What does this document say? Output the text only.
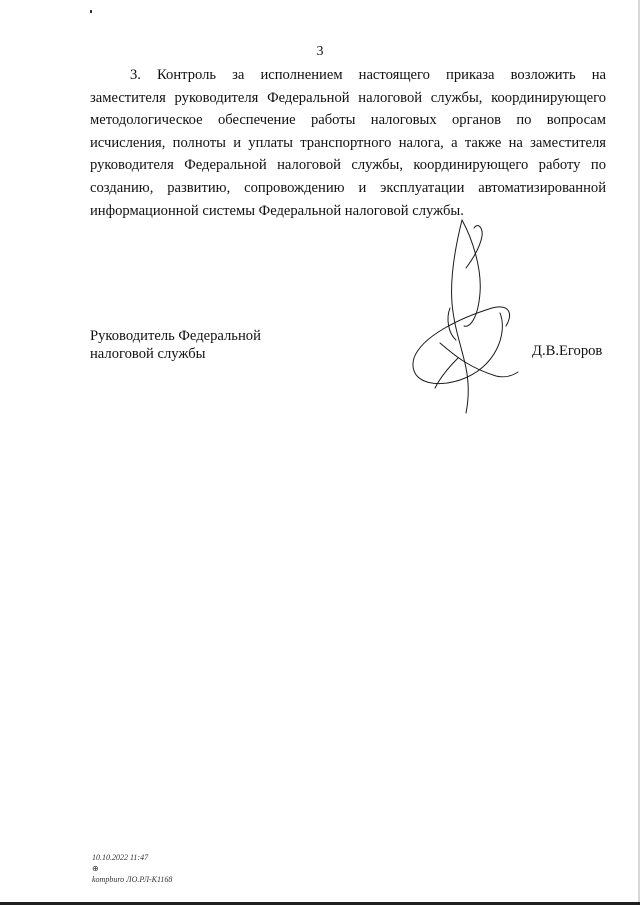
3
3. Контроль за исполнением настоящего приказа возложить на
заместителя руководителя Федеральной налоговой службы, координирующего
методологическое обеспечение работы налоговых органов по вопросам
исчисления, полноты и уплаты транспортного налога, а также на заместителя
руководителя Федеральной налоговой службы, координирующего работу по
созданию, развитию, сопровождению и эксплуатации автоматизированной
информационной системы Федеральной налоговой службы.
Руководитель Федеральной
налоговой службы	Д.В.Егоров
10.10.2022 11:47
⊕
kompburo ЛО.РЛ-К1168
